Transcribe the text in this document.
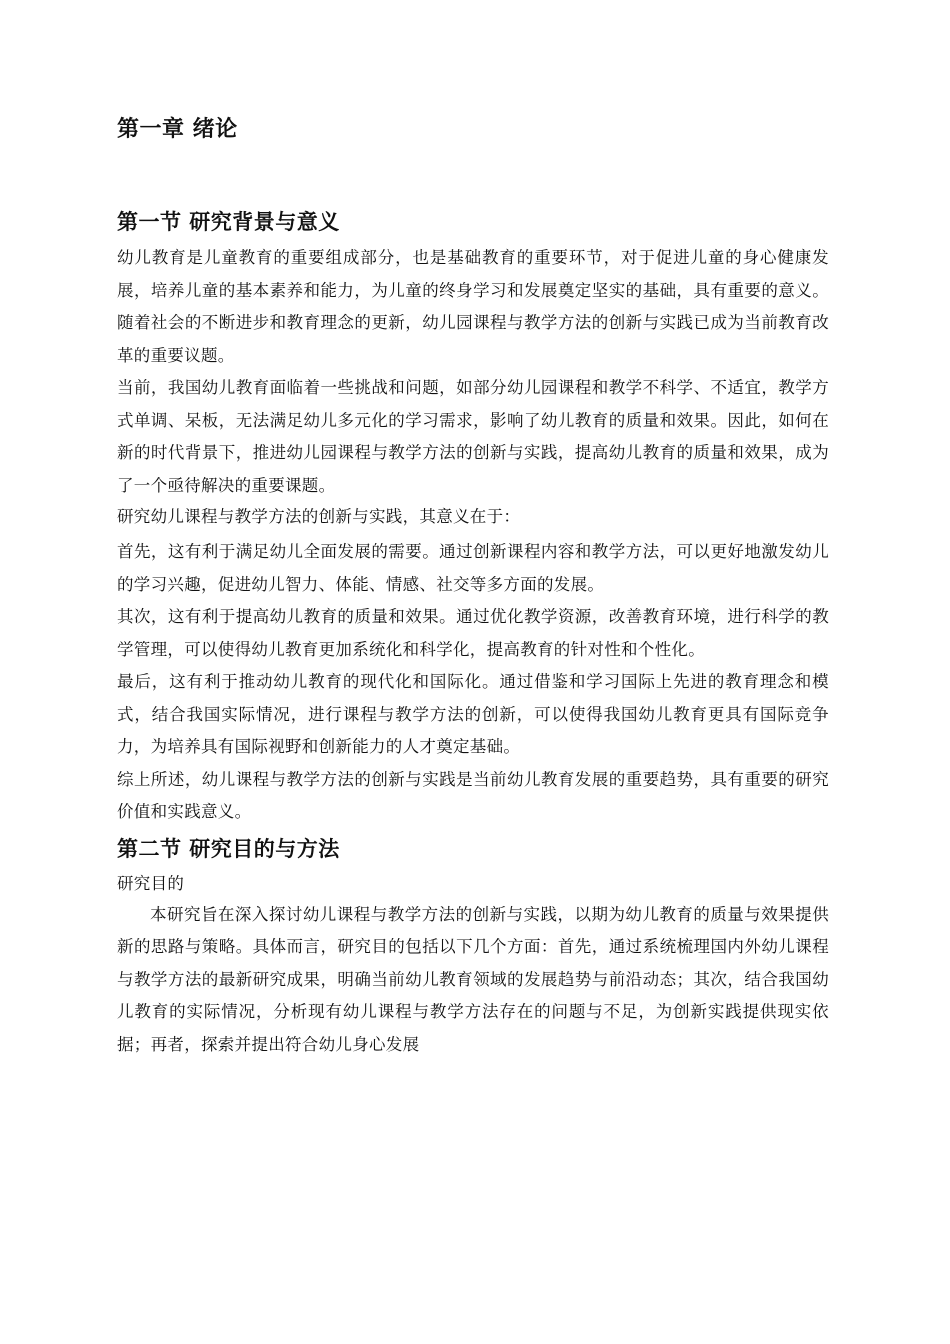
第一章 绪论
第一节 研究背景与意义

幼儿教育是儿童教育的重要组成部分，也是基础教育的重要环节，对于促进儿童的身心健康发展，培养儿童的基本素养和能力，为儿童的终身学习和发展奠定坚实的基础，具有重要的意义。随着社会的不断进步和教育理念的更新，幼儿园课程与教学方法的创新与实践已成为当前教育改革的重要议题。

当前，我国幼儿教育面临着一些挑战和问题，如部分幼儿园课程和教学不科学、不适宜，教学方式单调、呆板，无法满足幼儿多元化的学习需求，影响了幼儿教育的质量和效果。因此，如何在新的时代背景下，推进幼儿园课程与教学方法的创新与实践，提高幼儿教育的质量和效果，成为了一个亟待解决的重要课题。

研究幼儿课程与教学方法的创新与实践，其意义在于：

首先，这有利于满足幼儿全面发展的需要。通过创新课程内容和教学方法，可以更好地激发幼儿的学习兴趣，促进幼儿智力、体能、情感、社交等多方面的发展。

其次，这有利于提高幼儿教育的质量和效果。通过优化教学资源，改善教育环境，进行科学的教学管理，可以使得幼儿教育更加系统化和科学化，提高教育的针对性和个性化。

最后，这有利于推动幼儿教育的现代化和国际化。通过借鉴和学习国际上先进的教育理念和模式，结合我国实际情况，进行课程与教学方法的创新，可以使得我国幼儿教育更具有国际竞争力，为培养具有国际视野和创新能力的人才奠定基础。

综上所述，幼儿课程与教学方法的创新与实践是当前幼儿教育发展的重要趋势，具有重要的研究价值和实践意义。

第二节 研究目的与方法

研究目的

本研究旨在深入探讨幼儿课程与教学方法的创新与实践，以期为幼儿教育的质量与效果提供新的思路与策略。具体而言，研究目的包括以下几个方面：首先，通过系统梳理国内外幼儿课程与教学方法的最新研究成果，明确当前幼儿教育领域的发展趋势与前沿动态；其次，结合我国幼儿教育的实际情况，分析现有幼儿课程与教学方法存在的问题与不足，为创新实践提供现实依据；再者，探索并提出符合幼儿身心发展
